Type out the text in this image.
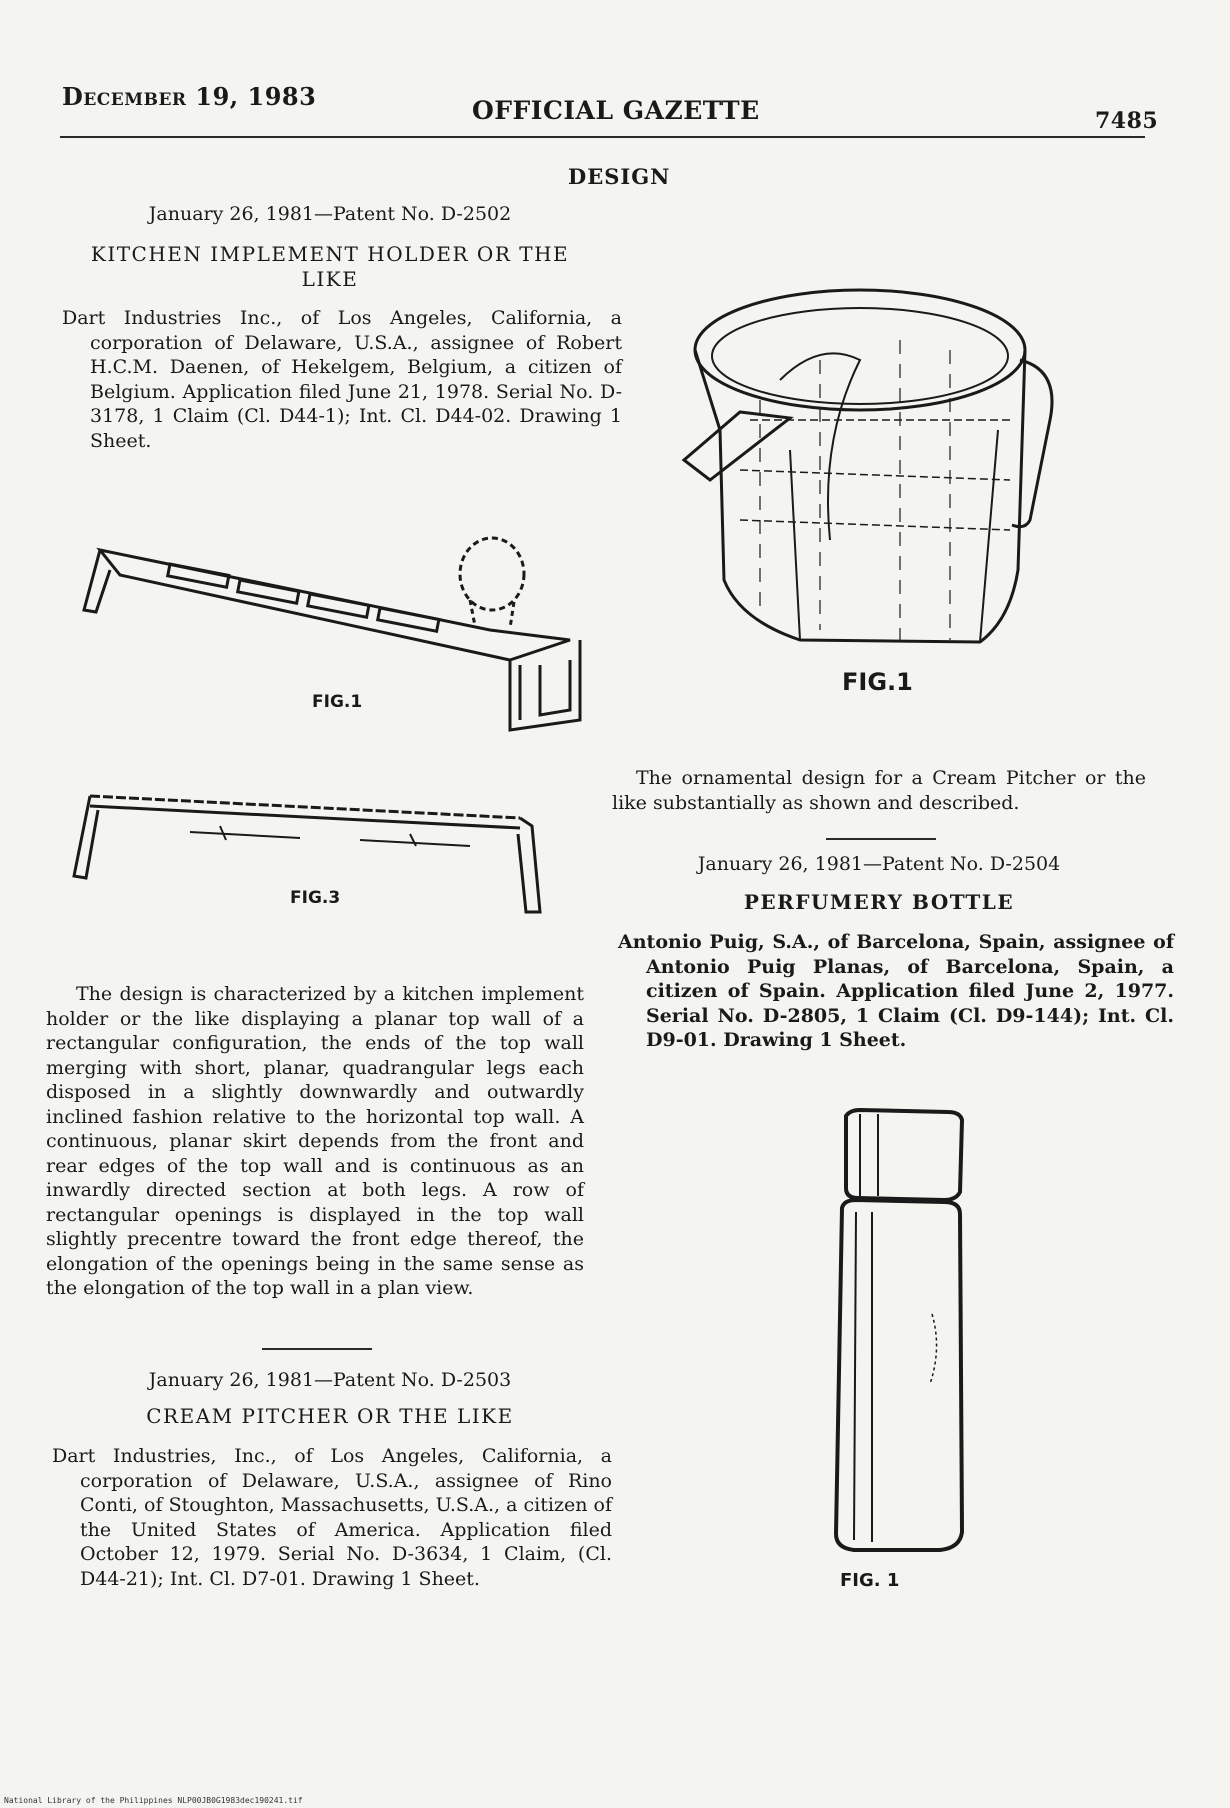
December 19, 1983	OFFICIAL GAZETTE	7485
DESIGN
January 26, 1981—Patent No. D-2502
KITCHEN IMPLEMENT HOLDER OR THE LIKE
Dart Industries Inc., of Los Angeles, California, a corporation of Delaware, U.S.A., assignee of Robert H.C.M. Daenen, of Hekelgem, Belgium, a citizen of Belgium. Application filed June 21, 1978. Serial No. D-3178, 1 Claim (Cl. D44-1); Int. Cl. D44-02. Drawing 1 Sheet.
FIG.1
FIG.3
The design is characterized by a kitchen implement holder or the like displaying a planar top wall of a rectangular configuration, the ends of the top wall merging with short, planar, quadrangular legs each disposed in a slightly downwardly and outwardly inclined fashion relative to the horizontal top wall. A continuous, planar skirt depends from the front and rear edges of the top wall and is continuous as an inwardly directed section at both legs. A row of rectangular openings is displayed in the top wall slightly precentre toward the front edge thereof, the elongation of the openings being in the same sense as the elongation of the top wall in a plan view.
January 26, 1981—Patent No. D-2503
CREAM PITCHER OR THE LIKE
Dart Industries, Inc., of Los Angeles, California, a corporation of Delaware, U.S.A., assignee of Rino Conti, of Stoughton, Massachusetts, U.S.A., a citizen of the United States of America. Application filed October 12, 1979. Serial No. D-3634, 1 Claim, (Cl. D44-21); Int. Cl. D7-01. Drawing 1 Sheet.
FIG.1
The ornamental design for a Cream Pitcher or the like substantially as shown and described.
January 26, 1981—Patent No. D-2504
PERFUMERY BOTTLE
Antonio Puig, S.A., of Barcelona, Spain, assignee of Antonio Puig Planas, of Barcelona, Spain, a citizen of Spain. Application filed June 2, 1977. Serial No. D-2805, 1 Claim (Cl. D9-144); Int. Cl. D9-01. Drawing 1 Sheet.
FIG. 1
National Library of the Philippines NLP00JB0G1983dec190241.tif
